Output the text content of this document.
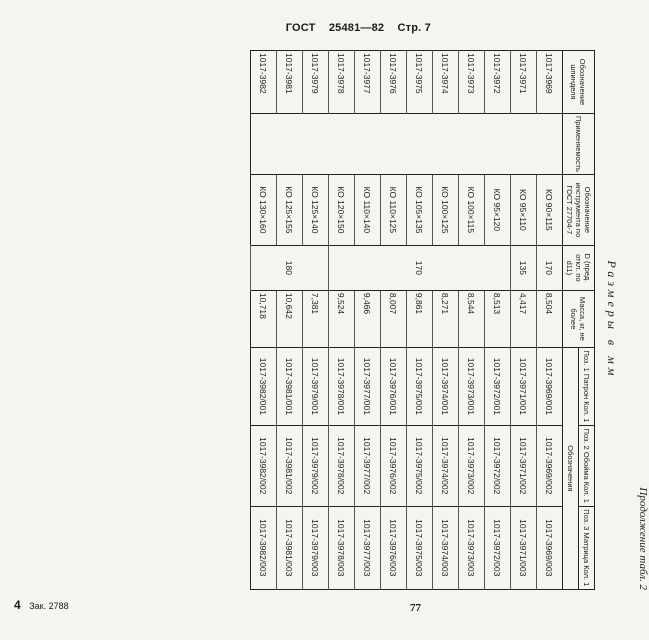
ГОСТ 25481—82 Стр. 7
Продолжение табл. 2
Размеры в мм
Обозначение шпинделя	Применяемость	Обозначение инструмента по ГОСТ 27704-7	D (пред. откл. по d11)	Масса, кг, не более	Поз. 1 Патрон Кол. 1	Поз. 2 Обойма Кол. 1	Поз. 3 Матрица Кол. 1
					Обозначения		
1017-3969		КО 90×115	170	8,504	1017-3969/001	1017-3969/002	1017-3969/003
1017-3971		КО 95×110	135	4,417	1017-3971/001	1017-3971/002	1017-3971/003
1017-3972		КО 95×120	170	8,513	1017-3972/001	1017-3972/002	1017-3972/003
1017-3973		КО 100×115		8,544	1017-3973/001	1017-3973/002	1017-3973/003
1017-3974		КО 100×125		8,271	1017-3974/001	1017-3974/002	1017-3974/003
1017-3975		КО 105×135		9,861	1017-3975/001	1017-3975/002	1017-3975/003
1017-3976		КО 110×125		8,007	1017-3976/001	1017-3976/002	1017-3976/003
1017-3977		КО 110×140		9,466	1017-3977/001	1017-3977/002	1017-3977/003
1017-3978		КО 120×150		9,524	1017-3978/001	1017-3978/002	1017-3978/003
1017-3979		КО 125×140	180	7,381	1017-3979/001	1017-3979/002	1017-3979/003
1017-3981		КО 125×155		10,642	1017-3981/001	1017-3981/002	1017-3981/003
1017-3982		КО 130×160		10,718	1017-3982/001	1017-3982/002	1017-3982/003
4 Зак. 2788	77
